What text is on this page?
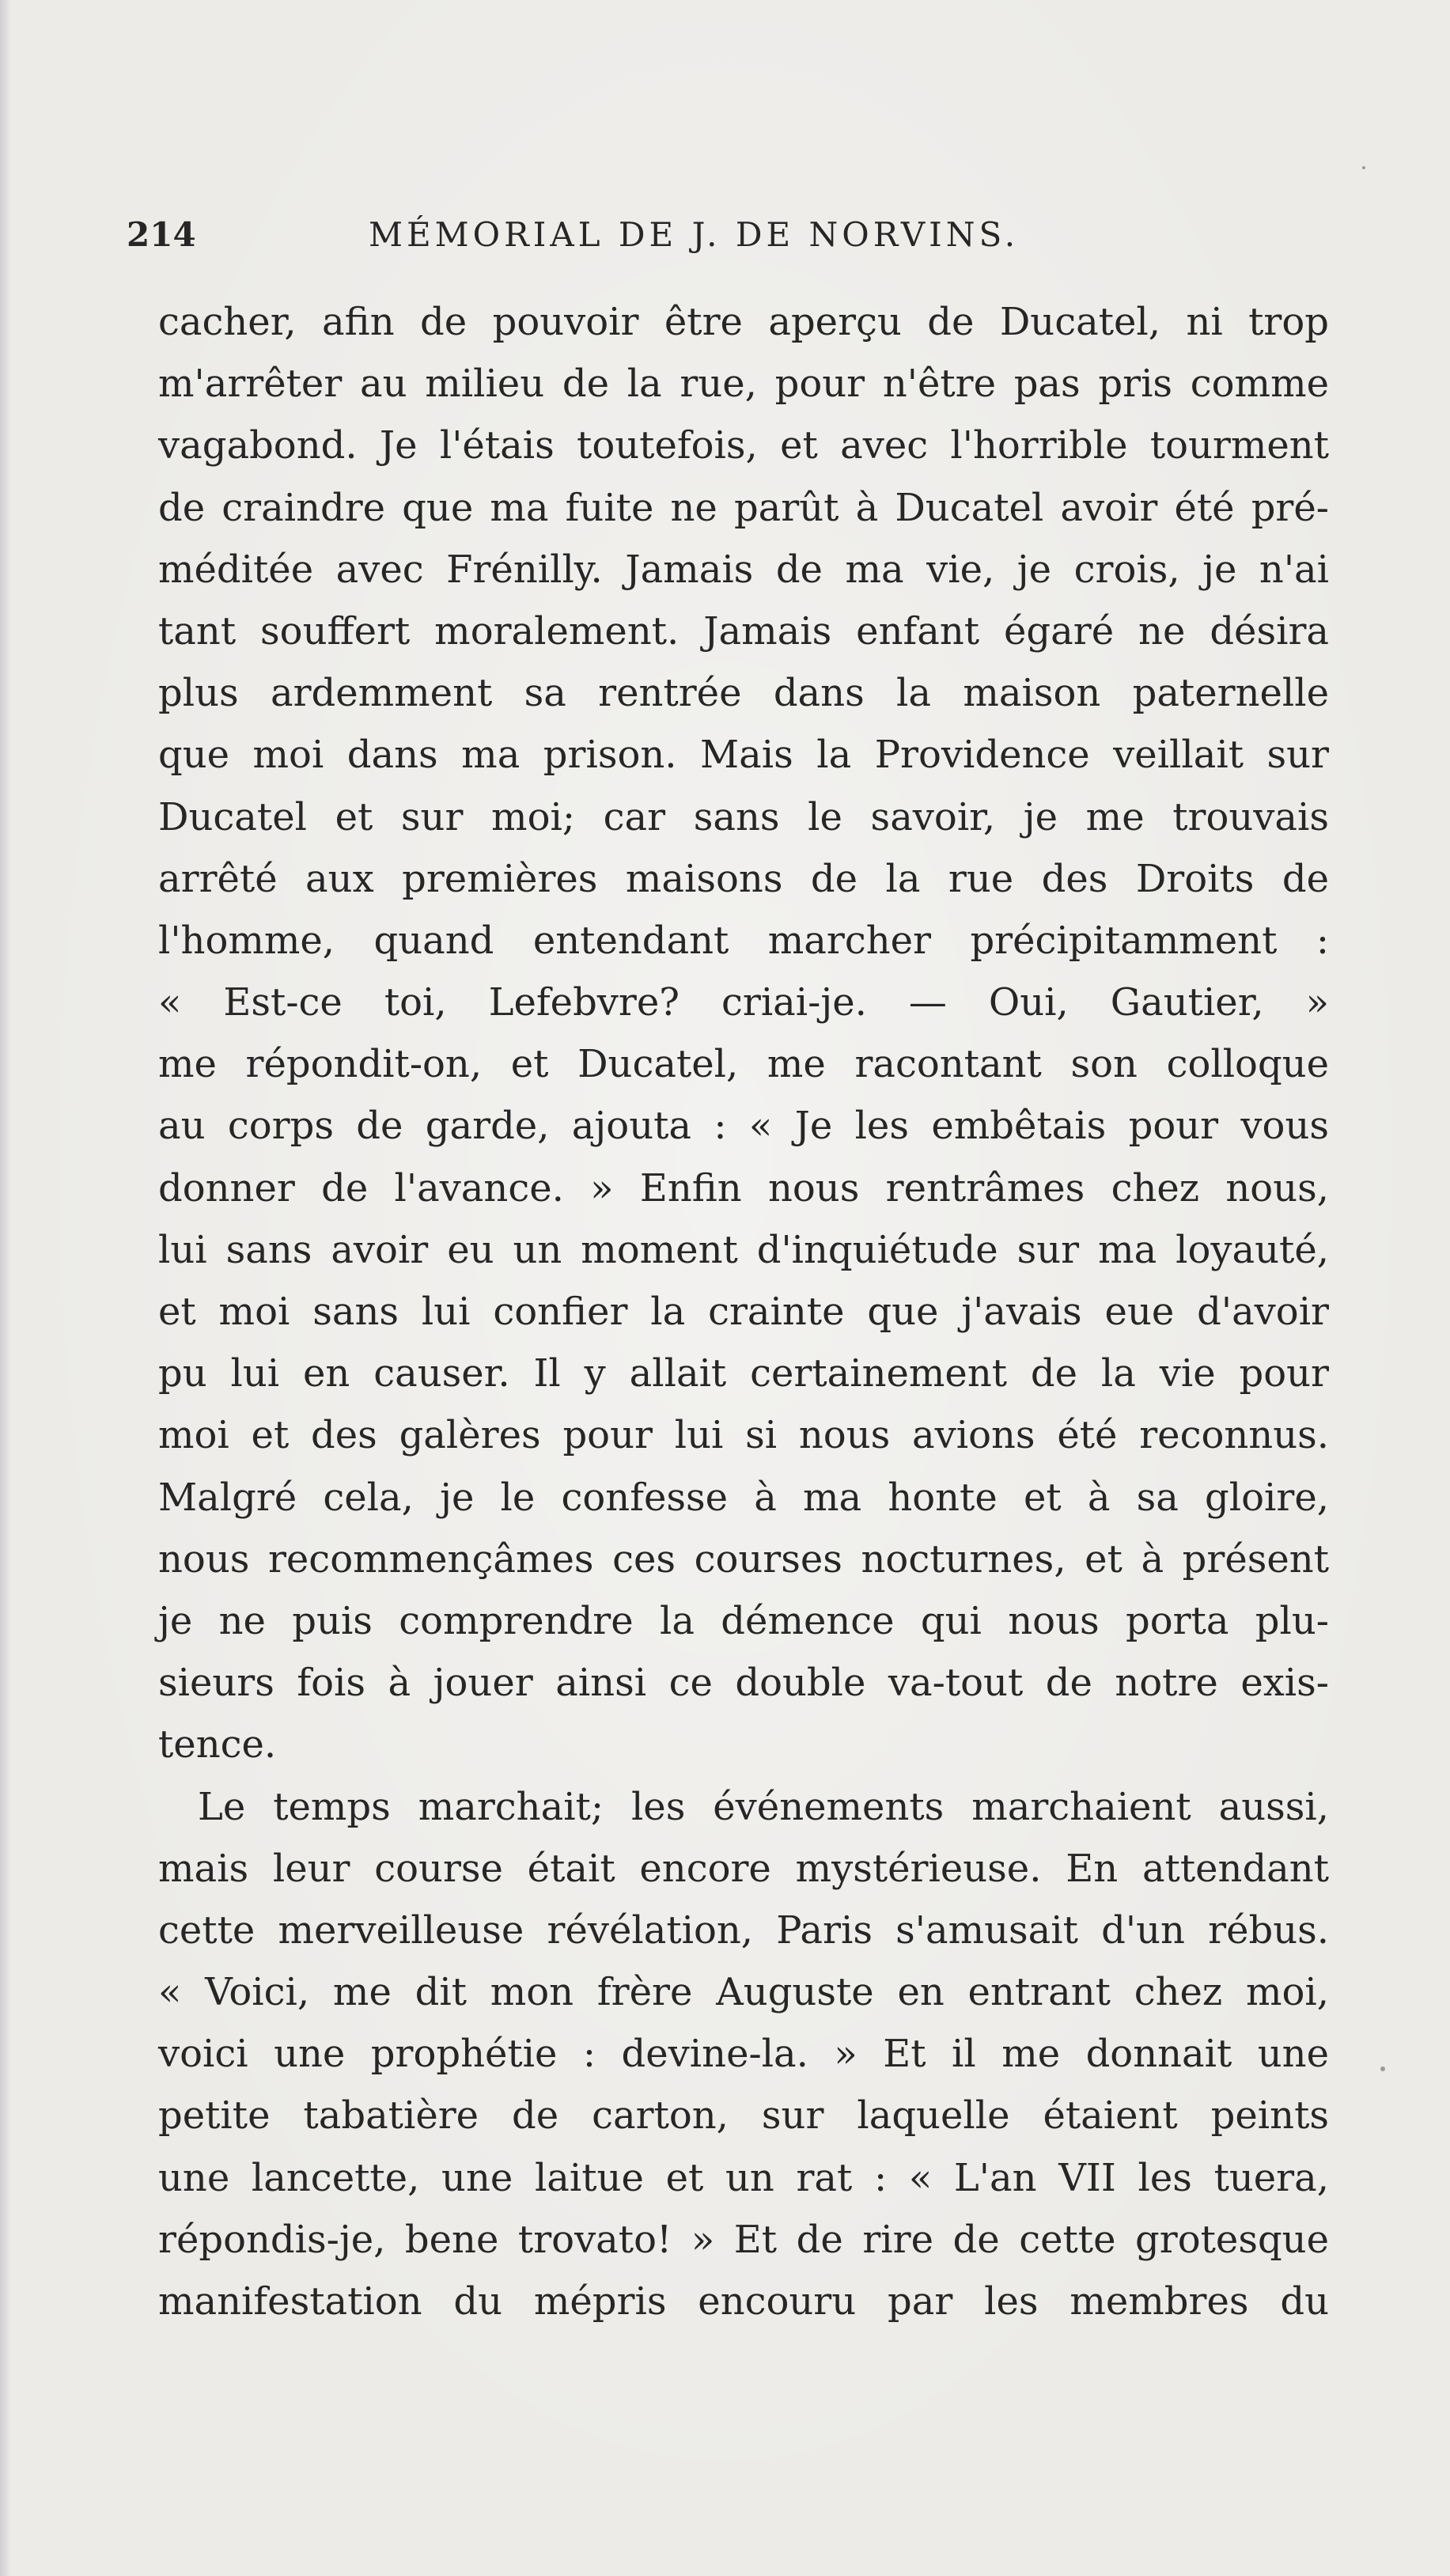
214	MÉMORIAL DE J. DE NORVINS.
cacher, afin de pouvoir être aperçu de Ducatel, ni trop
m'arrêter au milieu de la rue, pour n'être pas pris comme
vagabond. Je l'étais toutefois, et avec l'horrible tourment
de craindre que ma fuite ne parût à Ducatel avoir été pré-
méditée avec Frénilly. Jamais de ma vie, je crois, je n'ai
tant souffert moralement. Jamais enfant égaré ne désira
plus ardemment sa rentrée dans la maison paternelle
que moi dans ma prison. Mais la Providence veillait sur
Ducatel et sur moi; car sans le savoir, je me trouvais
arrêté aux premières maisons de la rue des Droits de
l'homme, quand entendant marcher précipitamment :
« Est-ce toi, Lefebvre? criai-je. — Oui, Gautier, »
me répondit-on, et Ducatel, me racontant son colloque
au corps de garde, ajouta : « Je les embêtais pour vous
donner de l'avance. » Enfin nous rentrâmes chez nous,
lui sans avoir eu un moment d'inquiétude sur ma loyauté,
et moi sans lui confier la crainte que j'avais eue d'avoir
pu lui en causer. Il y allait certainement de la vie pour
moi et des galères pour lui si nous avions été reconnus.
Malgré cela, je le confesse à ma honte et à sa gloire,
nous recommençâmes ces courses nocturnes, et à présent
je ne puis comprendre la démence qui nous porta plu-
sieurs fois à jouer ainsi ce double va-tout de notre exis-
tence.
Le temps marchait; les événements marchaient aussi,
mais leur course était encore mystérieuse. En attendant
cette merveilleuse révélation, Paris s'amusait d'un rébus.
« Voici, me dit mon frère Auguste en entrant chez moi,
voici une prophétie : devine-la. » Et il me donnait une
petite tabatière de carton, sur laquelle étaient peints
une lancette, une laitue et un rat : « L'an VII les tuera,
répondis-je, bene trovato! » Et de rire de cette grotesque
manifestation du mépris encouru par les membres du
